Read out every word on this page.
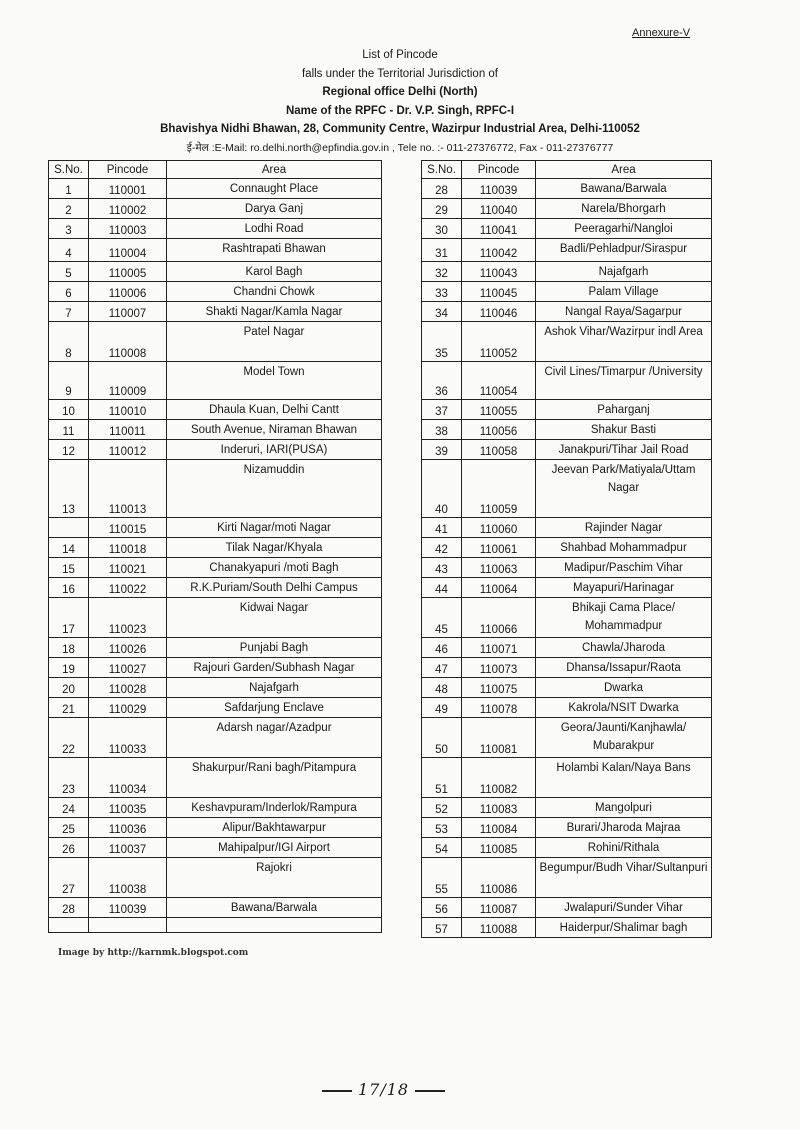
Annexure-V
List of Pincode
falls under the Territorial Jurisdiction of
Regional office Delhi (North)
Name of the RPFC - Dr. V.P. Singh, RPFC-I
Bhavishya Nidhi Bhawan, 28, Community Centre, Wazirpur Industrial Area, Delhi-110052
ई-मेल :E-Mail: ro.delhi.north@epfindia.gov.in , Tele no. :- 011-27376772, Fax - 011-27376777
S.No.	Pincode	Area
1	110001	Connaught Place
2	110002	Darya Ganj
3	110003	Lodhi Road
4	110004	Rashtrapati Bhawan
5	110005	Karol Bagh
6	110006	Chandni Chowk
7	110007	Shakti Nagar/Kamla Nagar
8	110008	Patel Nagar
9	110009	Model Town
10	110010	Dhaula Kuan, Delhi Cantt
11	110011	South Avenue, Niraman Bhawan
12	110012	Inderuri, IARI(PUSA)
13	110013	Nizamuddin
	110015	Kirti Nagar/moti Nagar
14	110018	Tilak Nagar/Khyala
15	110021	Chanakyapuri /moti Bagh
16	110022	R.K.Puriam/South Delhi Campus
17	110023	Kidwai Nagar
18	110026	Punjabi Bagh
19	110027	Rajouri Garden/Subhash Nagar
20	110028	Najafgarh
21	110029	Safdarjung Enclave
22	110033	Adarsh nagar/Azadpur
23	110034	Shakurpur/Rani bagh/Pitampura
24	110035	Keshavpuram/Inderlok/Rampura
25	110036	Alipur/Bakhtawarpur
26	110037	Mahipalpur/IGI Airport
27	110038	Rajokri
28	110039	Bawana/Barwala

S.No.	Pincode	Area
28	110039	Bawana/Barwala
29	110040	Narela/Bhorgarh
30	110041	Peeragarhi/Nangloi
31	110042	Badli/Pehladpur/Siraspur
32	110043	Najafgarh
33	110045	Palam Village
34	110046	Nangal Raya/Sagarpur
35	110052	Ashok Vihar/Wazirpur indl Area
36	110054	Civil Lines/Timarpur /University
37	110055	Paharganj
38	110056	Shakur Basti
39	110058	Janakpuri/Tihar Jail Road
40	110059	Jeevan Park/Matiyala/Uttam Nagar
41	110060	Rajinder Nagar
42	110061	Shahbad Mohammadpur
43	110063	Madipur/Paschim Vihar
44	110064	Mayapuri/Harinagar
45	110066	Bhikaji Cama Place/ Mohammadpur
46	110071	Chawla/Jharoda
47	110073	Dhansa/Issapur/Raota
48	110075	Dwarka
49	110078	Kakrola/NSIT Dwarka
50	110081	Geora/Jaunti/Kanjhawla/ Mubarakpur
51	110082	Holambi Kalan/Naya Bans
52	110083	Mangolpuri
53	110084	Burari/Jharoda Majraa
54	110085	Rohini/Rithala
55	110086	Begumpur/Budh Vihar/Sultanpuri
56	110087	Jwalapuri/Sunder Vihar
57	110088	Haiderpur/Shalimar bagh
Image by http://karnmk.blogspot.com
17/18
